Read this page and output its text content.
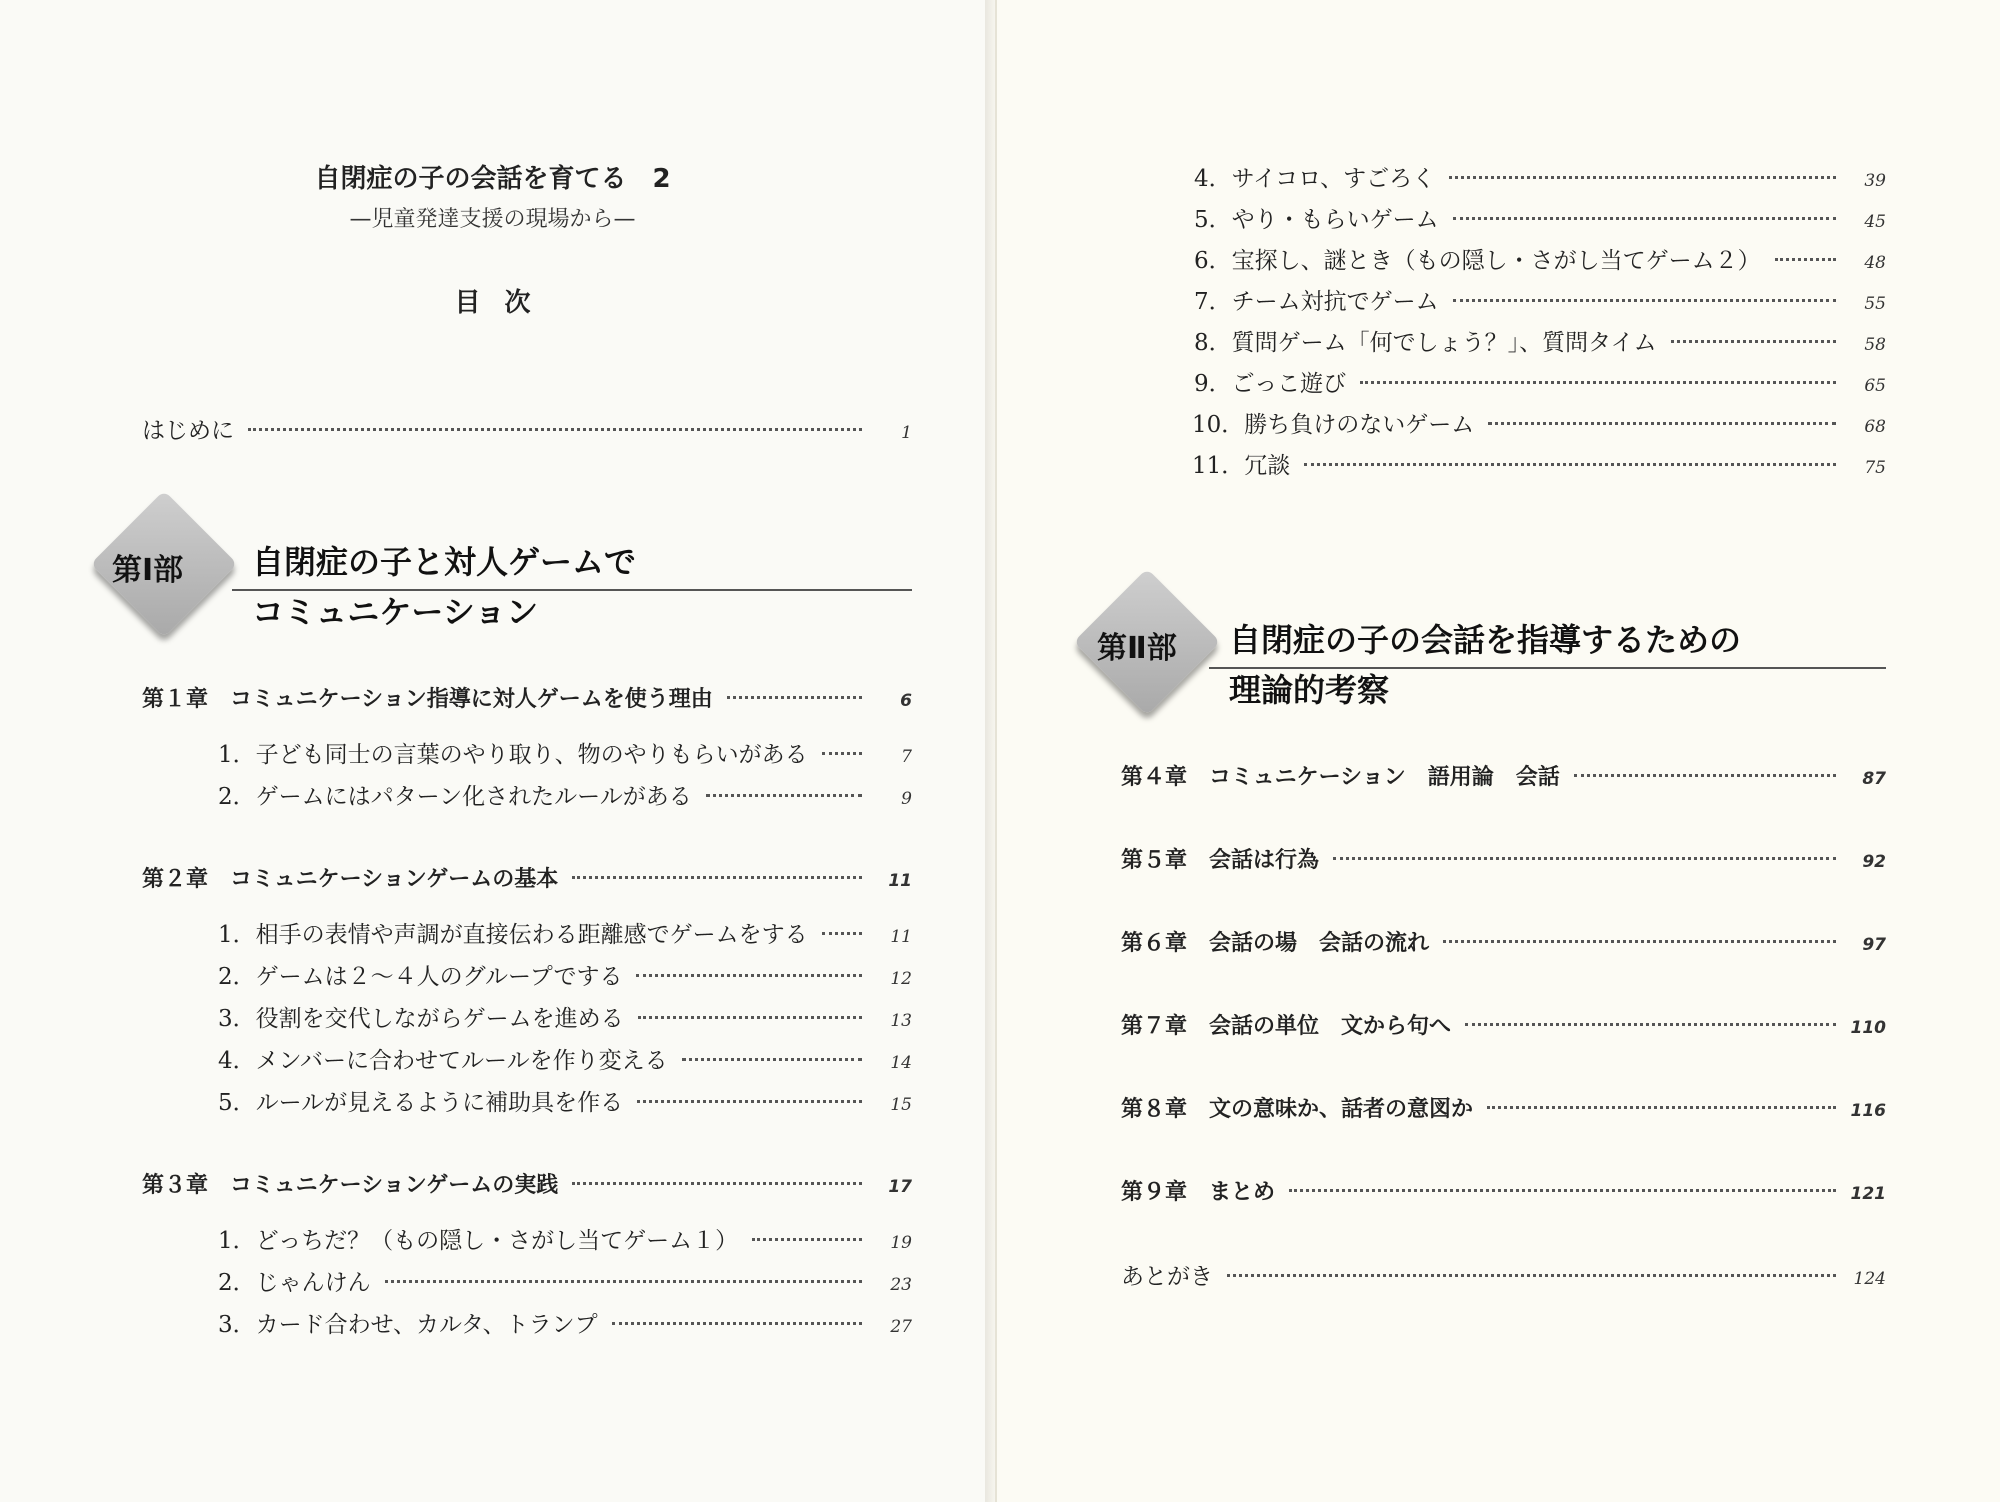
自閉症の子の会話を育てる　2
—児童発達支援の現場から—
目次
はじめに	1
第Ⅰ部 自閉症の子と対人ゲームで
コミュニケーション
第１章 コミュニケーション指導に対人ゲームを使う理由	6
1．子ども同士の言葉のやり取り、物のやりもらいがある	7
2．ゲームにはパターン化されたルールがある	9
第２章 コミュニケーションゲームの基本	11
1．相手の表情や声調が直接伝わる距離感でゲームをする	11
2．ゲームは２～４人のグループでする	12
3．役割を交代しながらゲームを進める	13
4．メンバーに合わせてルールを作り変える	14
5．ルールが見えるように補助具を作る	15
第３章 コミュニケーションゲームの実践	17
1．どっちだ？（もの隠し・さがし当てゲーム１）	19
2．じゃんけん	23
3．カード合わせ、カルタ、トランプ	27
4．サイコロ、すごろく	39
5．やり・もらいゲーム	45
6．宝探し、謎とき（もの隠し・さがし当てゲーム２）	48
7．チーム対抗でゲーム	55
8．質問ゲーム「何でしょう？」、質問タイム	58
9．ごっこ遊び	65
10．勝ち負けのないゲーム	68
11．冗談	75
第Ⅱ部 自閉症の子の会話を指導するための
理論的考察
第４章 コミュニケーション　語用論　会話	87
第５章 会話は行為	92
第６章 会話の場　会話の流れ	97
第７章 会話の単位　文から句へ	110
第８章 文の意味か、話者の意図か	116
第９章 まとめ	121
あとがき	124
